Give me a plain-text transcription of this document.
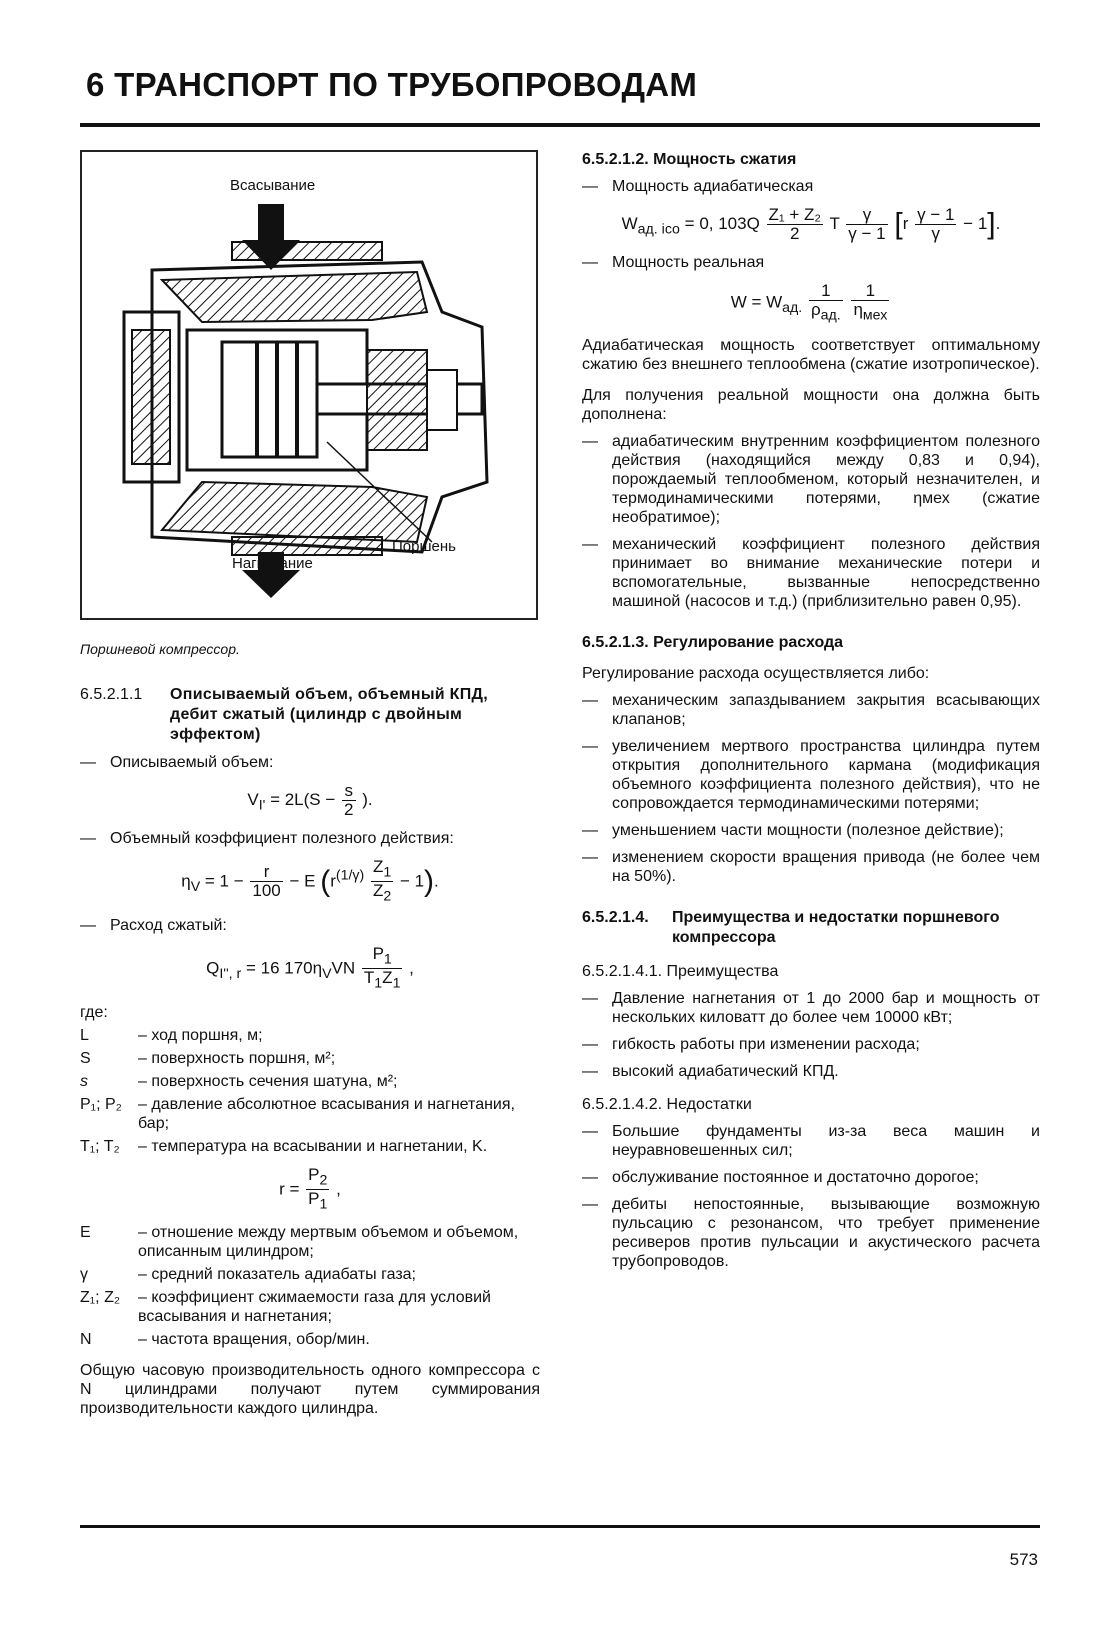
6 ТРАНСПОРТ ПО ТРУБОПРОВОДАМ
Всасывание
Нагнетание
Поршень
Поршневой компрессор.
6.5.2.1.1	Описываемый объем, объемный КПД, дебит сжатый (цилиндр с двойным эффектом)
— Описываемый объем:
$V_{I'} = 2L(S - \frac{s}{2}$ ).
— Объемный коэффициент полезного действия:
$\eta_V = 1 - \frac{r}{100} - E$ $(r^{(1/\gamma)} \frac{Z_1}{Z_2} - 1)$.
— Расход сжатый:
$Q_{I'', r} = 16$ $170\eta_VVN \frac{P_1}{T_1Z_1}$ ,
где:
L	– ход поршня, м;
S	– поверхность поршня, м²;
s	– поверхность сечения шатуна, м²;
P₁; P₂	– давление абсолютное всасывания и нагнетания, бар;
T₁; T₂	– температура на всасывании и нагнетании, K.
$r = \frac{P_2}{P_1}$ ,
E	– отношение между мертвым объемом и объемом, описанным цилиндром;
γ	– средний показатель адиабаты газа;
Z₁; Z₂	– коэффициент сжимаемости газа для условий всасывания и нагнетания;
N	– частота вращения, обор/мин.
Общую часовую производительность одного компрессора с N цилиндрами получают путем суммирования производительности каждого цилиндра.
6.5.2.1.2. Мощность сжатия
— Мощность адиабатическая
$W_{ад. ісо} = 0$, $103Q \frac{\text{Z₁ + Z₂}}{2}$ T $\frac{\gamma}{\gamma - 1} [r \frac{\gamma - 1}{\gamma} - 1]$.
— Мощность реальная
$W = W_{ад.} \frac{1}{\rho_{ад.}}$
$\frac{1}{\eta_{мех}}$
Адиабатическая мощность соответствует оптимальному сжатию без внешнего теплообмена (сжатие изотропическое).
Для получения реальной мощности она должна быть дополнена:
— адиабатическим внутренним коэффициентом полезного действия (находящийся между 0,83 и 0,94), порождаемый теплообменом, который незначителен, и термодинамическими потерями, ηмех (сжатие необратимое);
— механический коэффициент полезного действия принимает во внимание механические потери и вспомогательные, вызванные непосредственно машиной (насосов и т.д.) (приблизительно равен 0,95).
6.5.2.1.3. Регулирование расхода
Регулирование расхода осуществляется либо:
— механическим запаздыванием закрытия всасывающих клапанов;
— увеличением мертвого пространства цилиндра путем открытия дополнительного кармана (модификация объемного коэффициента полезного действия), что не сопровождается термодинамическими потерями;
— уменьшением части мощности (полезное действие);
— изменением скорости вращения привода (не более чем на 50%).
6.5.2.1.4.	Преимущества и недостатки поршневого компрессора
6.5.2.1.4.1. Преимущества
— Давление нагнетания от 1 до 2000 бар и мощность от нескольких киловатт до более чем 10000 кВт;
— гибкость работы при изменении расхода;
— высокий адиабатический КПД.
6.5.2.1.4.2. Недостатки
— Большие фундаменты из-за веса машин и неуравновешенных сил;
— обслуживание постоянное и достаточно дорогое;
— дебиты непостоянные, вызывающие возможную пульсацию с резонансом, что требует применение ресиверов против пульсации и акустического расчета трубопроводов.
573
